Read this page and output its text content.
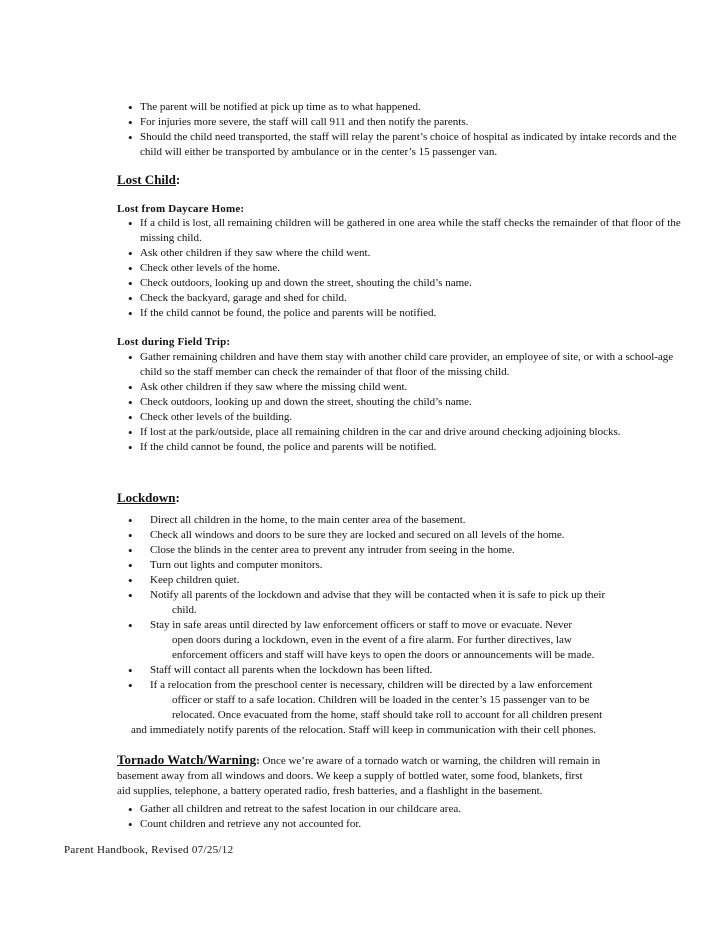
• The parent will be notified at pick up time as to what happened.
• For injuries more severe, the staff will call 911 and then notify the parents.
• Should the child need transported, the staff will relay the parent’s choice of hospital as indicated by intake records and the child will either be transported by ambulance or in the center’s 15 passenger van.
Lost Child:
Lost from Daycare Home:
• If a child is lost, all remaining children will be gathered in one area while the staff checks the remainder of that floor of the missing child.
• Ask other children if they saw where the child went.
• Check other levels of the home.
• Check outdoors, looking up and down the street, shouting the child’s name.
• Check the backyard, garage and shed for child.
• If the child cannot be found, the police and parents will be notified.
Lost during Field Trip:
• Gather remaining children and have them stay with another child care provider, an employee of site, or with a school-age child so the staff member can check the remainder of that floor of the missing child.
• Ask other children if they saw where the missing child went.
• Check outdoors, looking up and down the street, shouting the child’s name.
• Check other levels of the building.
• If lost at the park/outside, place all remaining children in the car and drive around checking adjoining blocks.
• If the child cannot be found, the police and parents will be notified.
Lockdown:
• Direct all children in the home, to the main center area of the basement.
• Check all windows and doors to be sure they are locked and secured on all levels of the home.
• Close the blinds in the center area to prevent any intruder from seeing in the home.
• Turn out lights and computer monitors.
• Keep children quiet.
• Notify all parents of the lockdown and advise that they will be contacted when it is safe to pick up their
child.
• Stay in safe areas until directed by law enforcement officers or staff to move or evacuate. Never
open doors during a lockdown, even in the event of a fire alarm. For further directives, law
enforcement officers and staff will have keys to open the doors or announcements will be made.
• Staff will contact all parents when the lockdown has been lifted.
• If a relocation from the preschool center is necessary, children will be directed by a law enforcement
officer or staff to a safe location. Children will be loaded in the center’s 15 passenger van to be
relocated. Once evacuated from the home, staff should take roll to account for all children present
and immediately notify parents of the relocation. Staff will keep in communication with their cell phones.
Tornado Watch/Warning: Once we’re aware of a tornado watch or warning, the children will remain in
basement away from all windows and doors. We keep a supply of bottled water, some food, blankets, first
aid supplies, telephone, a battery operated radio, fresh batteries, and a flashlight in the basement.
• Gather all children and retreat to the safest location in our childcare area.
• Count children and retrieve any not accounted for.
Parent Handbook, Revised 07/25/12
